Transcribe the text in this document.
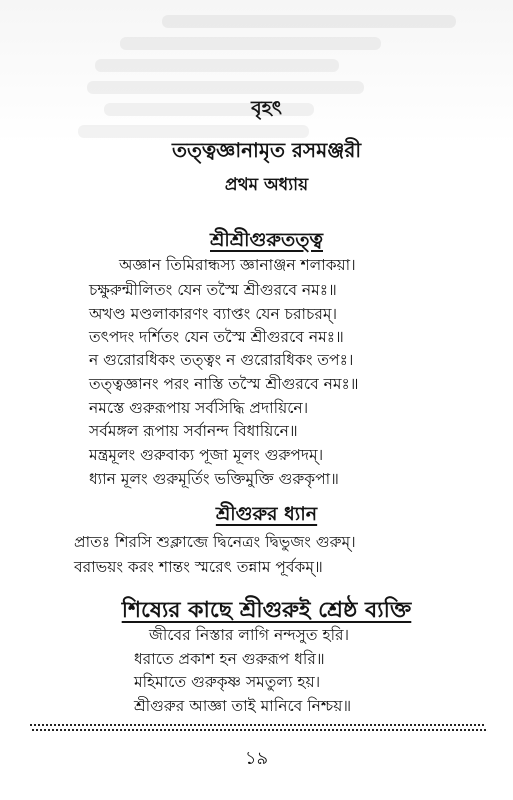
বৃহৎ
তত্ত্বজ্ঞানামৃত রসমঞ্জরী
প্রথম অধ্যায়
শ্রীশ্রীগুরুতত্ত্ব
অজ্ঞান তিমিরান্ধস্য জ্ঞানাঞ্জন শলাকয়া।
চক্ষুরুন্মীলিতং যেন তস্মৈ শ্রীগুরবে নমঃ॥
অখণ্ড মণ্ডলাকারণং ব্যাপ্তং যেন চরাচরম্।
তৎপদং দর্শিতং যেন তস্মৈ শ্রীগুরবে নমঃ॥
ন গুরোরধিকং তত্ত্বং ন গুরোরধিকং তপঃ।
তত্ত্বজ্ঞানং পরং নাস্তি তস্মৈ শ্রীগুরবে নমঃ॥
নমস্তে গুরুরূপায় সর্বসিদ্ধি প্রদায়িনে।
সর্বমঙ্গল রূপায় সর্বানন্দ বিধায়িনে॥
মন্ত্রমূলং গুরুবাক্য পূজা মূলং গুরুপদম্।
ধ্যান মূলং গুরুমূর্তিং ভক্তিমুক্তি গুরুকৃপা॥
শ্রীগুরুর ধ্যান
প্রাতঃ শিরসি শুক্লাব্জে দ্বিনেত্রং দ্বিভুজং গুরুম্।
বরাভয়ং করং শান্তং স্মরেৎ তন্নাম পূর্বকম্॥
শিষ্যের কাছে শ্রীগুরুই শ্রেষ্ঠ ব্যক্তি
জীবের নিস্তার লাগি নন্দসুত হরি।
ধরাতে প্রকাশ হন গুরুরূপ ধরি॥
মহিমাতে গুরুকৃষ্ণ সমতুল্য হয়।
শ্রীগুরুর আজ্ঞা তাই মানিবে নিশ্চয়॥
১৯
